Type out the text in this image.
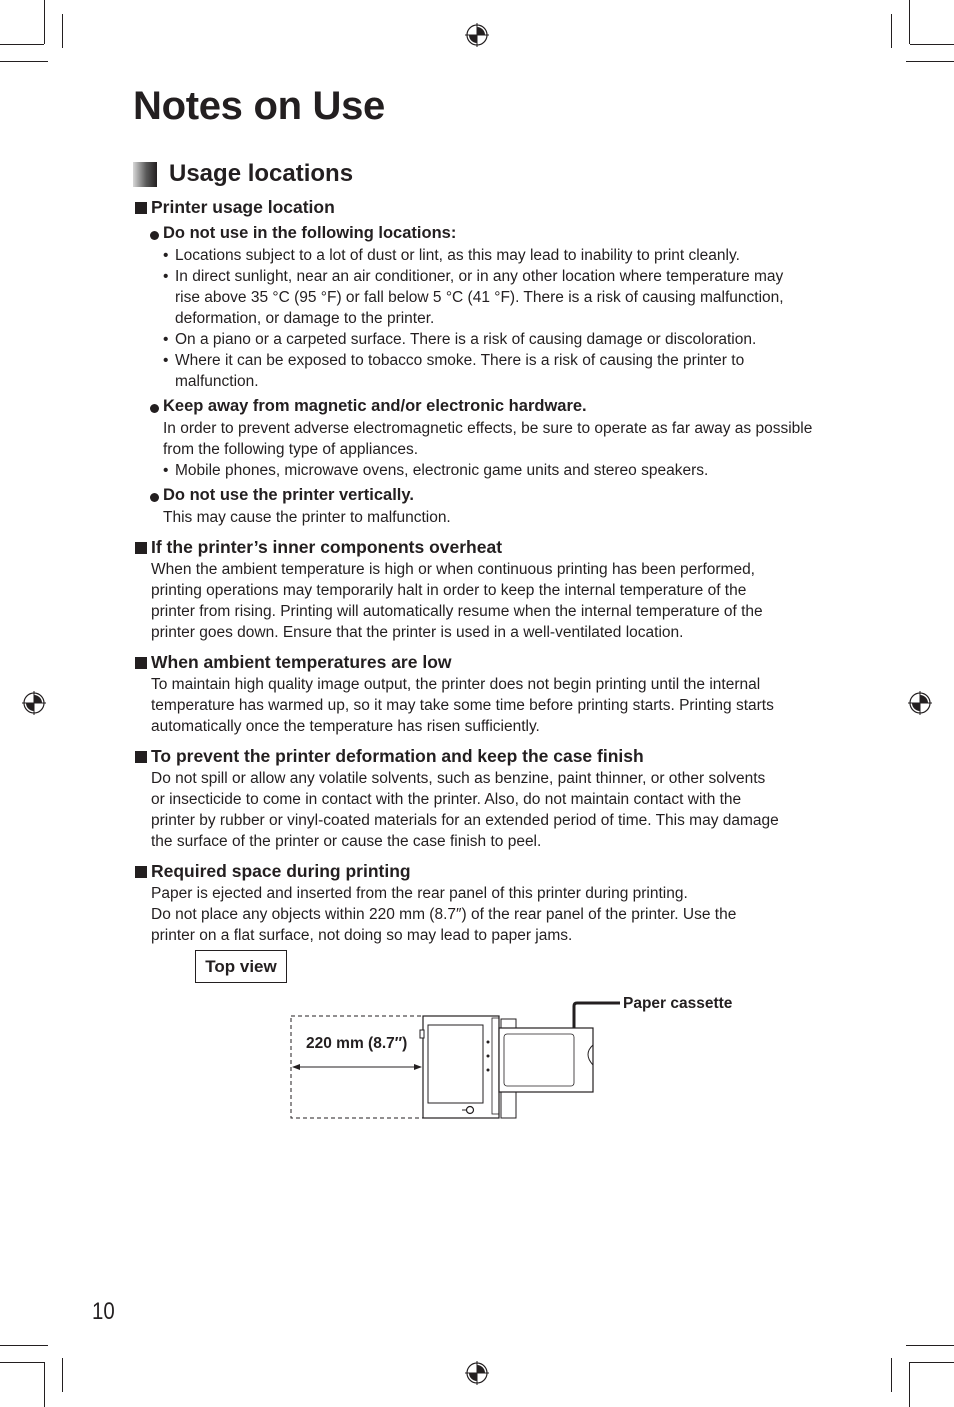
Notes on Use
Usage locations
Printer usage location
Do not use in the following locations:
• Locations subject to a lot of dust or lint, as this may lead to inability to print cleanly.
• In direct sunlight, near an air conditioner, or in any other location where temperature may rise above 35 °C (95 °F) or fall below 5 °C (41 °F). There is a risk of causing malfunction, deformation, or damage to the printer.
• On a piano or a carpeted surface. There is a risk of causing damage or discoloration.
• Where it can be exposed to tobacco smoke. There is a risk of causing the printer to malfunction.
Keep away from magnetic and/or electronic hardware.
In order to prevent adverse electromagnetic effects, be sure to operate as far away as possible from the following type of appliances.
• Mobile phones, microwave ovens, electronic game units and stereo speakers.
Do not use the printer vertically.
This may cause the printer to malfunction.
If the printer’s inner components overheat
When the ambient temperature is high or when continuous printing has been performed,
printing operations may temporarily halt in order to keep the internal temperature of the
printer from rising. Printing will automatically resume when the internal temperature of the
printer goes down. Ensure that the printer is used in a well-ventilated location.
When ambient temperatures are low
To maintain high quality image output, the printer does not begin printing until the internal
temperature has warmed up, so it may take some time before printing starts. Printing starts
automatically once the temperature has risen sufficiently.
To prevent the printer deformation and keep the case finish
Do not spill or allow any volatile solvents, such as benzine, paint thinner, or other solvents
or insecticide to come in contact with the printer. Also, do not maintain contact with the
printer by rubber or vinyl-coated materials for an extended period of time. This may damage
the surface of the printer or cause the case finish to peel.
Required space during printing
Paper is ejected and inserted from the rear panel of this printer during printing.
Do not place any objects within 220 mm (8.7″) of the rear panel of the printer. Use the
printer on a flat surface, not doing so may lead to paper jams.
Top view
220 mm (8.7″)
Paper cassette
10
